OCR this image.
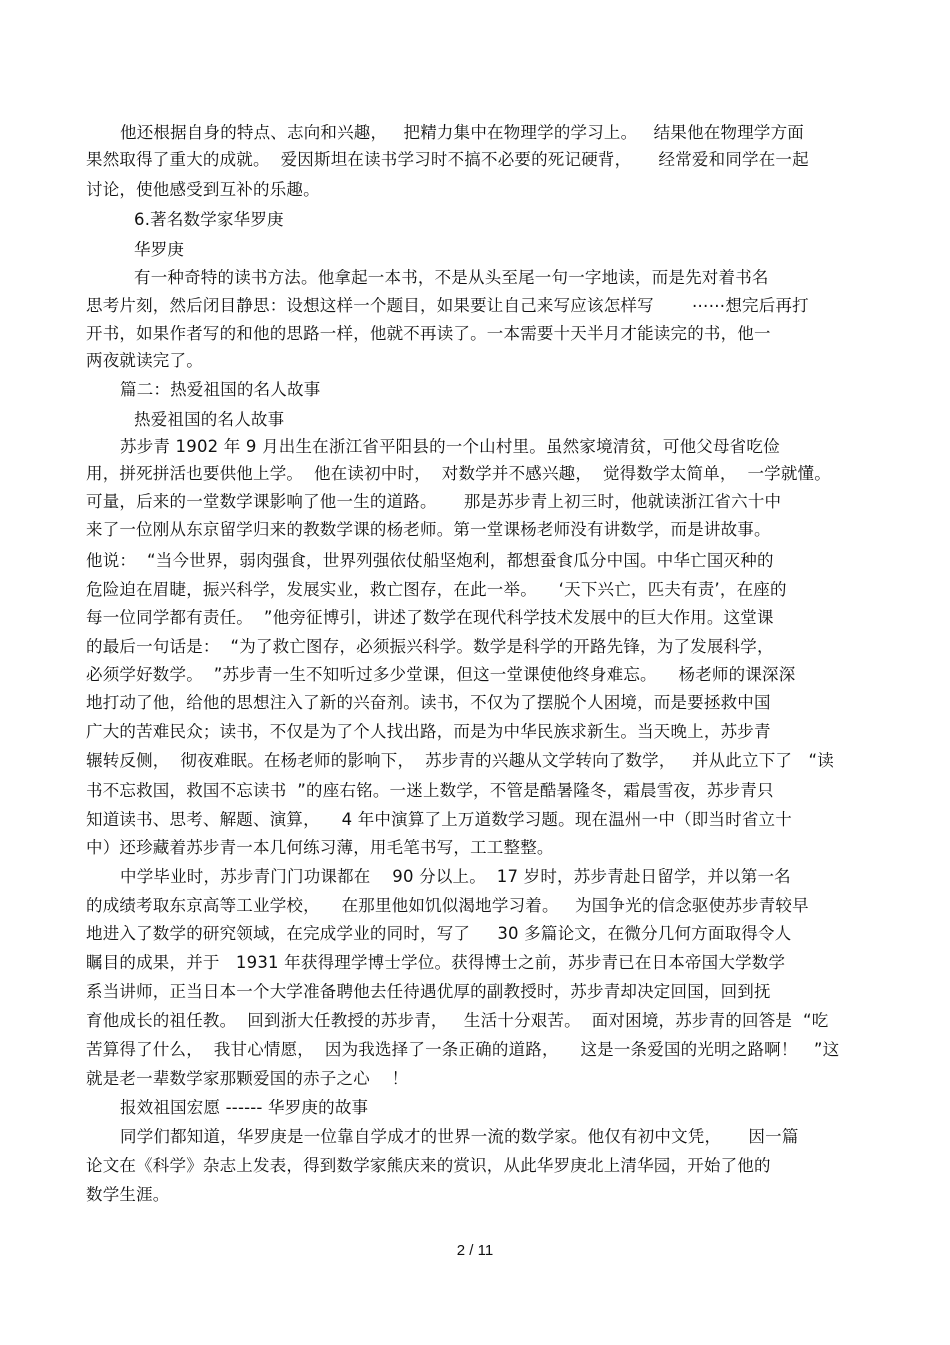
他还根据自身的特点、志向和兴趣，   把精力集中在物理学的学习上。   结果他在物理学方面
果然取得了重大的成就。  爱因斯坦在读书学习时不搞不必要的死记硬背，     经常爱和同学在一起
讨论，使他感受到互补的乐趣。
6.著名数学家华罗庚
华罗庚
有一种奇特的读书方法。他拿起一本书，不是从头至尾一句一字地读，而是先对着书名
思考片刻，然后闭目静思：设想这样一个题目，如果要让自己来写应该怎样写       ⋯⋯想完后再打
开书，如果作者写的和他的思路一样，他就不再读了。一本需要十天半月才能读完的书，他一
两夜就读完了。
篇二：热爱祖国的名人故事
热爱祖国的名人故事
苏步青 1902 年 9 月出生在浙江省平阳县的一个山村里。虽然家境清贫，可他父母省吃俭
用，拼死拼活也要供他上学。  他在读初中时，  对数学并不感兴趣，  觉得数学太简单，  一学就懂。
可量，后来的一堂数学课影响了他一生的道路。     那是苏步青上初三时，他就读浙江省六十中
来了一位刚从东京留学归来的教数学课的杨老师。第一堂课杨老师没有讲数学，而是讲故事。
他说：  “当今世界，弱肉强食，世界列强依仗船坚炮利，都想蚕食瓜分中国。中华亡国灭种的
危险迫在眉睫，振兴科学，发展实业，救亡图存，在此一举。    ‘天下兴亡，匹夫有责’，在座的
每一位同学都有责任。  ”他旁征博引，讲述了数学在现代科学技术发展中的巨大作用。这堂课
的最后一句话是：  “为了救亡图存，必须振兴科学。数学是科学的开路先锋，为了发展科学，
必须学好数学。  ”苏步青一生不知听过多少堂课，但这一堂课使他终身难忘。    杨老师的课深深
地打动了他，给他的思想注入了新的兴奋剂。读书，不仅为了摆脱个人困境，而是要拯救中国
广大的苦难民众；读书，不仅是为了个人找出路，而是为中华民族求新生。当天晚上，苏步青
辗转反侧，  彻夜难眠。在杨老师的影响下，  苏步青的兴趣从文学转向了数学，   并从此立下了   “读
书不忘救国，救国不忘读书  ”的座右铭。一迷上数学，不管是酷暑隆冬，霜晨雪夜，苏步青只
知道读书、思考、解题、演算，    4 年中演算了上万道数学习题。现在温州一中（即当时省立十
中）还珍藏着苏步青一本几何练习薄，用毛笔书写，工工整整。
中学毕业时，苏步青门门功课都在    90 分以上。  17 岁时，苏步青赴日留学，并以第一名
的成绩考取东京高等工业学校，    在那里他如饥似渴地学习着。   为国争光的信念驱使苏步青较早
地进入了数学的研究领域，在完成学业的同时，写了     30 多篇论文，在微分几何方面取得令人
瞩目的成果，并于   1931 年获得理学博士学位。获得博士之前，苏步青已在日本帝国大学数学
系当讲师，正当日本一个大学准备聘他去任待遇优厚的副教授时，苏步青却决定回国，回到抚
育他成长的祖任教。  回到浙大任教授的苏步青，   生活十分艰苦。  面对困境，苏步青的回答是  “吃
苦算得了什么，  我甘心情愿，  因为我选择了一条正确的道路，    这是一条爱国的光明之路啊！   ”这
就是老一辈数学家那颗爱国的赤子之心    ！
报效祖国宏愿 ------ 华罗庚的故事
同学们都知道，华罗庚是一位靠自学成才的世界一流的数学家。他仅有初中文凭，     因一篇
论文在《科学》杂志上发表，得到数学家熊庆来的赏识，从此华罗庚北上清华园，开始了他的
数学生涯。
2 / 11
